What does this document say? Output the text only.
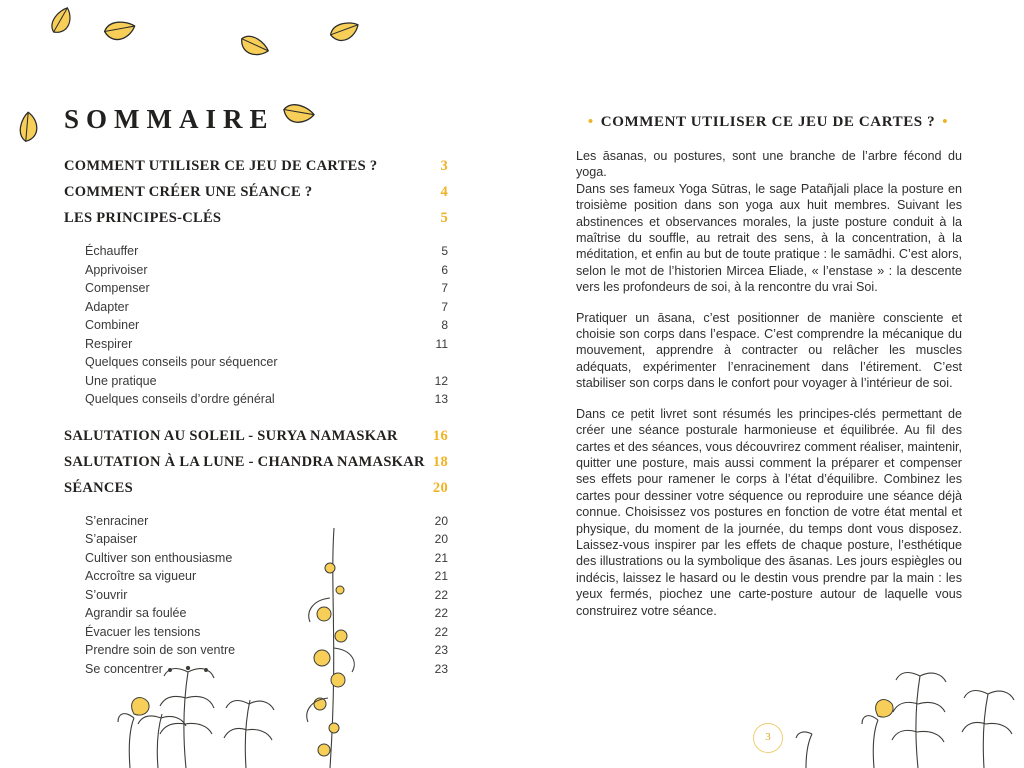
SOMMAIRE
COMMENT UTILISER CE JEU DE CARTES ?	3
COMMENT CRÉER UNE SÉANCE ?	4
LES PRINCIPES-CLÉS	5
Échauffer	5
Apprivoiser	6
Compenser	7
Adapter	7
Combiner	8
Respirer	11
Quelques conseils pour séquencer
Une pratique	12
Quelques conseils d’ordre général	13
SALUTATION AU SOLEIL - SURYA NAMASKAR 16
SALUTATION À LA LUNE - CHANDRA NAMASKAR 18
SÉANCES	20
S’enraciner	20
S’apaiser	20
Cultiver son enthousiasme	21
Accroître sa vigueur	21
S’ouvrir	22
Agrandir sa foulée	22
Évacuer les tensions	22
Prendre soin de son ventre	23
Se concentrer	23
• COMMENT UTILISER CE JEU DE CARTES ? •

Les āsanas, ou postures, sont une branche de l’arbre fécond du yoga.

Dans ses fameux Yoga Sūtras, le sage Patañjali place la posture en troisième position dans son yoga aux huit membres. Suivant les abstinences et observances morales, la juste posture conduit à la maîtrise du souffle, au retrait des sens, à la concentration, à la méditation, et enfin au but de toute pratique : le samādhi. C’est alors, selon le mot de l’historien Mircea Eliade, « l’enstase » : la descente vers les profondeurs de soi, à la rencontre du vrai Soi.

Pratiquer un āsana, c’est positionner de manière consciente et choisie son corps dans l’espace. C’est comprendre la mécanique du mouvement, apprendre à contracter ou relâcher les muscles adéquats, expérimenter l’enracinement dans l’étirement. C’est stabiliser son corps dans le confort pour voyager à l’intérieur de soi.

Dans ce petit livret sont résumés les principes-clés permettant de créer une séance posturale harmonieuse et équilibrée. Au fil des cartes et des séances, vous découvrirez comment réaliser, maintenir, quitter une posture, mais aussi comment la préparer et compenser ses effets pour ramener le corps à l’état d’équilibre. Combinez les cartes pour dessiner votre séquence ou reproduire une séance déjà connue. Choisissez vos postures en fonction de votre état mental et physique, du moment de la journée, du temps dont vous disposez. Laissez-vous inspirer par les effets de chaque posture, l’esthétique des illustrations ou la symbolique des āsanas. Les jours espiègles ou indécis, laissez le hasard ou le destin vous prendre par la main : les yeux fermés, piochez une carte-posture autour de laquelle vous construirez votre séance.

3
